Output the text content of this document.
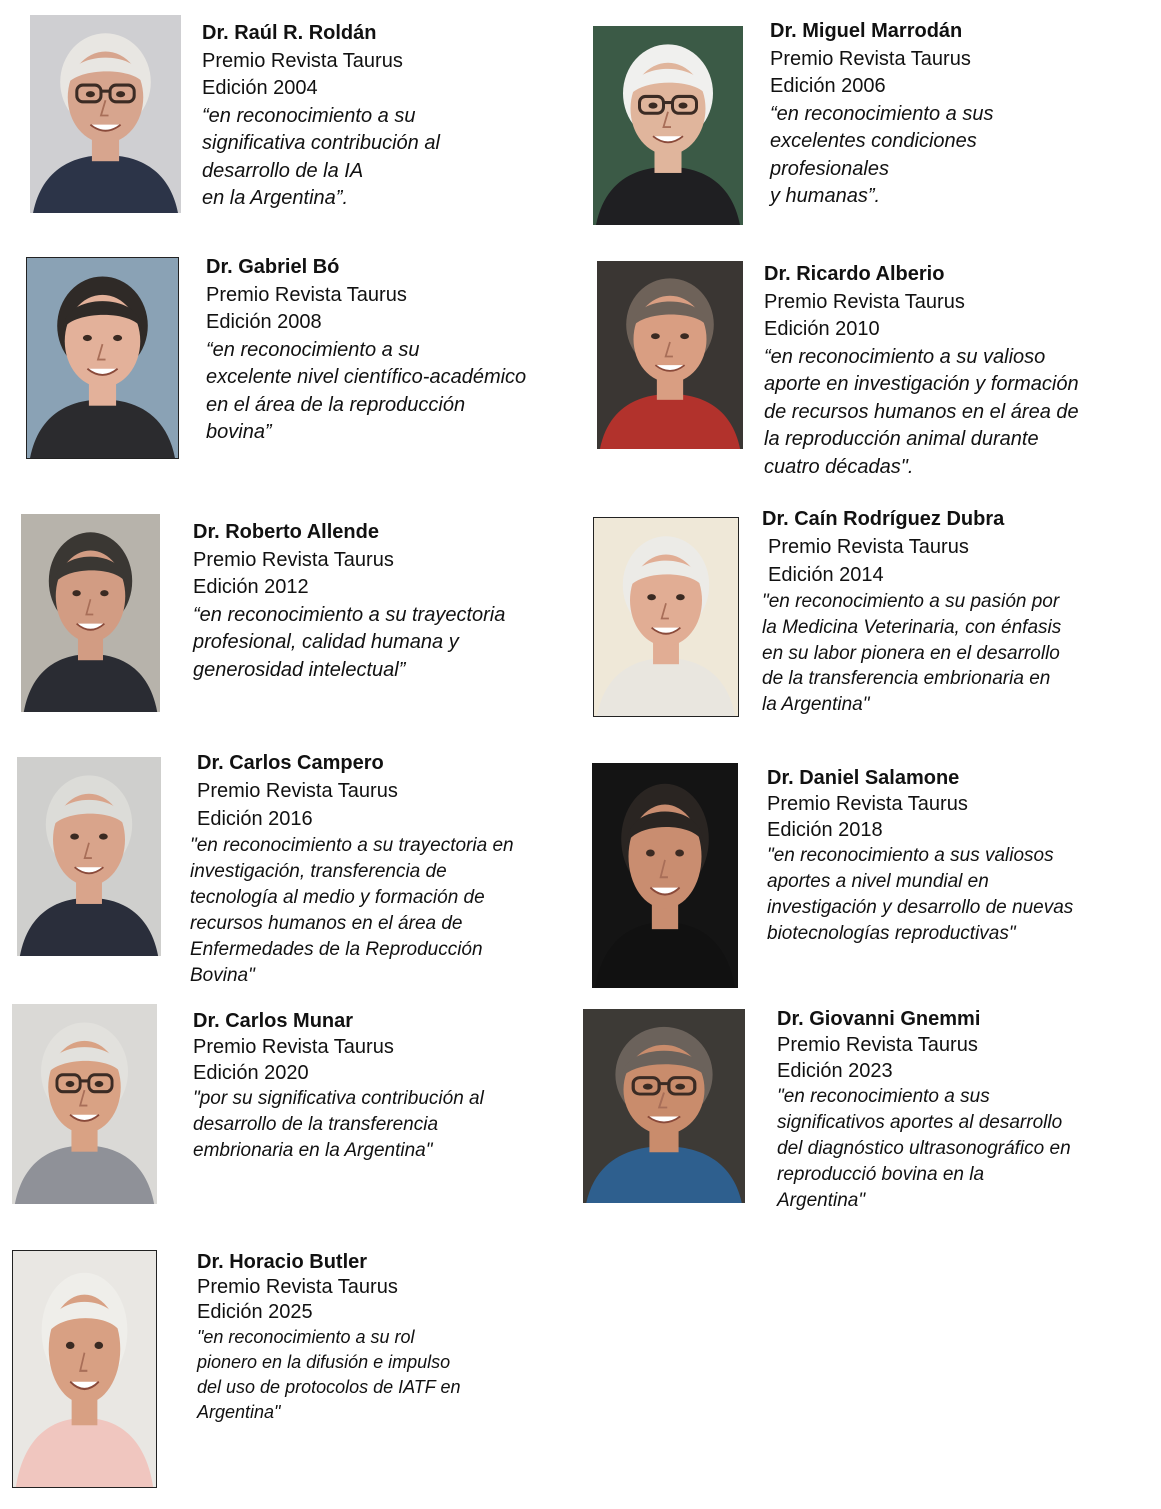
Dr. Raúl R. Roldán
Premio Revista Taurus
Edición 2004
“en reconocimiento a su
significativa contribución al
desarrollo de la IA
en la Argentina”.
Dr. Miguel Marrodán
Premio Revista Taurus
Edición 2006
“en reconocimiento a sus
excelentes condiciones
profesionales
y humanas”.
Dr. Gabriel Bó
Premio Revista Taurus
Edición 2008
“en reconocimiento a su
excelente nivel científico-académico
en el área de la reproducción
bovina”
Dr. Ricardo Alberio
Premio Revista Taurus
Edición 2010
“en reconocimiento a su valioso
aporte en investigación y formación
de recursos humanos en el área de
la reproducción animal durante
cuatro décadas".
Dr. Roberto Allende
Premio Revista Taurus
Edición 2012
“en reconocimiento a su trayectoria
profesional, calidad humana y
generosidad intelectual”
Dr. Caín Rodríguez Dubra
Premio Revista Taurus
Edición 2014
"en reconocimiento a su pasión por
la Medicina Veterinaria, con énfasis
en su labor pionera en el desarrollo
de la transferencia embrionaria en
la Argentina"
Dr. Carlos Campero
Premio Revista Taurus
Edición 2016
"en reconocimiento a su trayectoria en
investigación, transferencia de
tecnología al medio y formación de
recursos humanos en el área de
Enfermedades de la Reproducción
Bovina"
Dr. Daniel Salamone
Premio Revista Taurus
Edición 2018
"en reconocimiento a sus valiosos
aportes a nivel mundial en
investigación y desarrollo de nuevas
biotecnologías reproductivas"
Dr. Carlos Munar
Premio Revista Taurus
Edición 2020
"por su significativa contribución al
desarrollo de la transferencia
embrionaria en la Argentina"
Dr. Giovanni Gnemmi
Premio Revista Taurus
Edición 2023
"en reconocimiento a sus
significativos aportes al desarrollo
del diagnóstico ultrasonográfico en
reproducció bovina en la
Argentina"
Dr. Horacio Butler
Premio Revista Taurus
Edición 2025
"en reconocimiento a su rol
pionero en la difusión e impulso
del uso de protocolos de IATF en
Argentina"
